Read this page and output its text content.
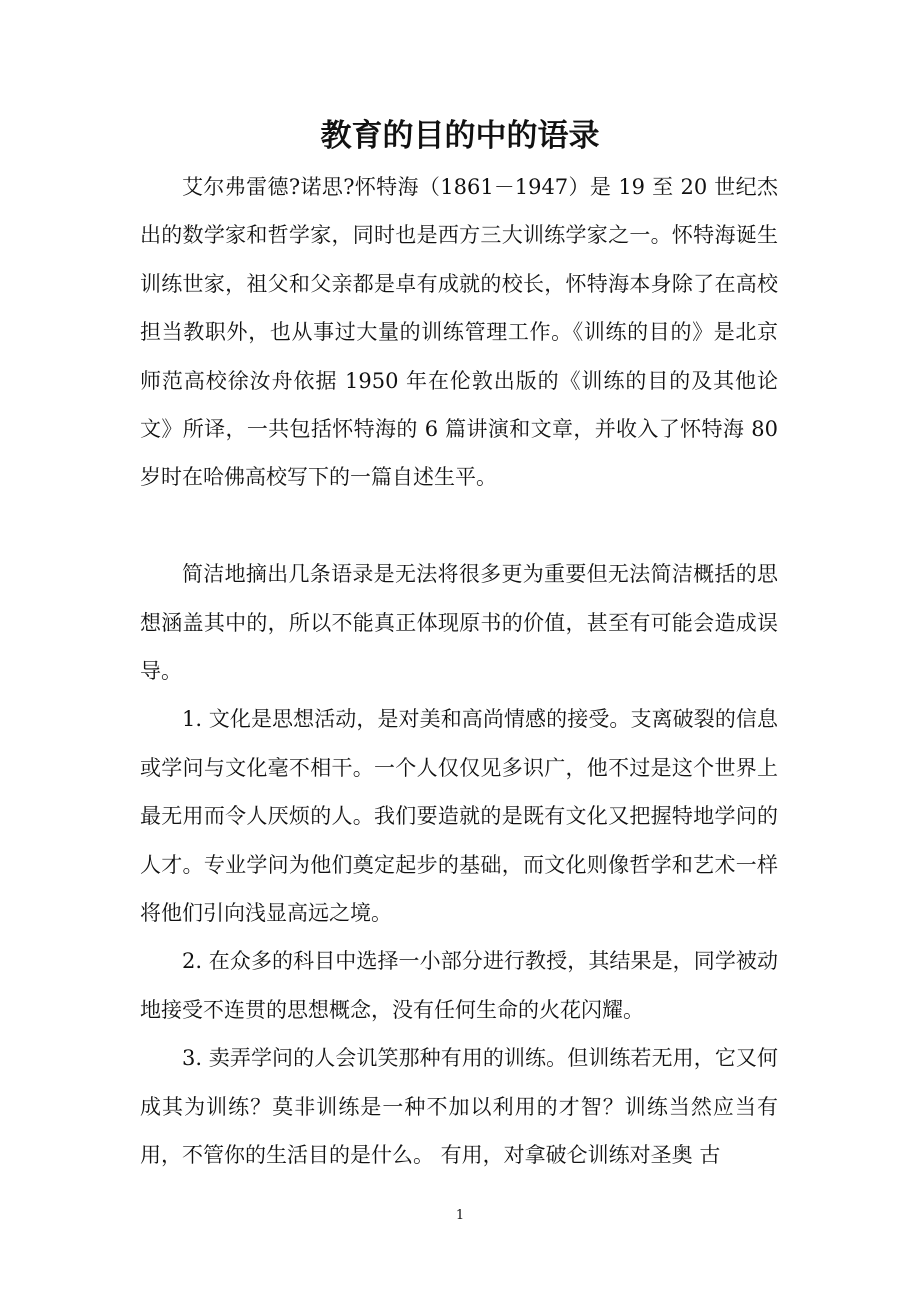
教育的目的中的语录

艾尔弗雷德?诺思?怀特海（1861－1947）是 19 至 20 世纪杰出的数学家和哲学家，同时也是西方三大训练学家之一。怀特海诞生训练世家，祖父和父亲都是卓有成就的校长，怀特海本身除了在高校担当教职外，也从事过大量的训练管理工作。《训练的目的》是北京师范高校徐汝舟依据 1950 年在伦敦出版的《训练的目的及其他论文》所译，一共包括怀特海的 6 篇讲演和文章，并收入了怀特海 80 岁时在哈佛高校写下的一篇自述生平。

简洁地摘出几条语录是无法将很多更为重要但无法简洁概括的思想涵盖其中的，所以不能真正体现原书的价值，甚至有可能会造成误导。

1. 文化是思想活动，是对美和高尚情感的接受。支离破裂的信息或学问与文化毫不相干。一个人仅仅见多识广，他不过是这个世界上最无用而令人厌烦的人。我们要造就的是既有文化又把握特地学问的人才。专业学问为他们奠定起步的基础，而文化则像哲学和艺术一样将他们引向浅显高远之境。

2. 在众多的科目中选择一小部分进行教授，其结果是，同学被动地接受不连贯的思想概念，没有任何生命的火花闪耀。

3. 卖弄学问的人会讥笑那种有用的训练。但训练若无用，它又何成其为训练？莫非训练是一种不加以利用的才智？训练当然应当有用，不管你的生活目的是什么。 有用，对拿破仑训练对圣奥 古

1
